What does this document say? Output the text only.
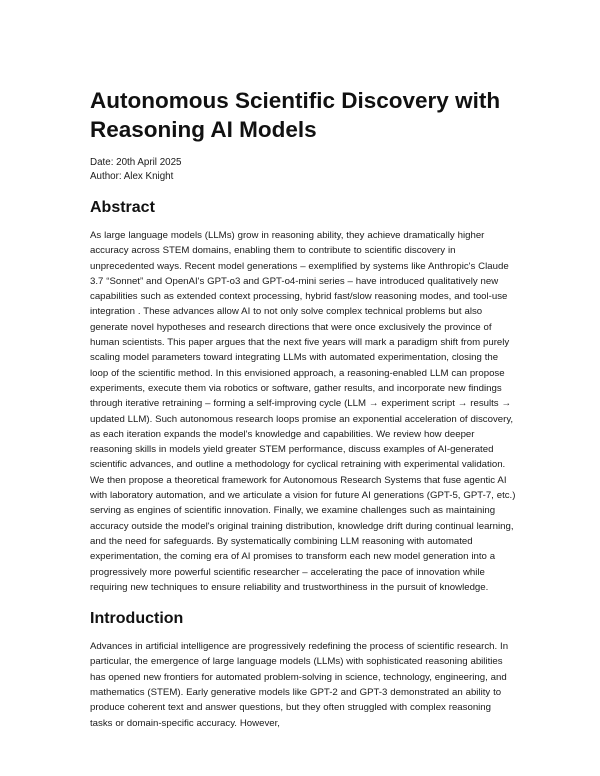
Autonomous Scientific Discovery with Reasoning AI Models

Date: 20th April 2025

Author: Alex Knight

Abstract

As large language models (LLMs) grow in reasoning ability, they achieve dramatically higher accuracy across STEM domains, enabling them to contribute to scientific discovery in unprecedented ways. Recent model generations – exemplified by systems like Anthropic's Claude 3.7 “Sonnet” and OpenAI's GPT-o3 and GPT-o4-mini series – have introduced qualitatively new capabilities such as extended context processing, hybrid fast/slow reasoning modes, and tool-use integration . These advances allow AI to not only solve complex technical problems but also generate novel hypotheses and research directions that were once exclusively the province of human scientists. This paper argues that the next five years will mark a paradigm shift from purely scaling model parameters toward integrating LLMs with automated experimentation, closing the loop of the scientific method. In this envisioned approach, a reasoning-enabled LLM can propose experiments, execute them via robotics or software, gather results, and incorporate new findings through iterative retraining – forming a self-improving cycle (LLM → experiment script → results → updated LLM). Such autonomous research loops promise an exponential acceleration of discovery, as each iteration expands the model's knowledge and capabilities. We review how deeper reasoning skills in models yield greater STEM performance, discuss examples of AI-generated scientific advances, and outline a methodology for cyclical retraining with experimental validation. We then propose a theoretical framework for Autonomous Research Systems that fuse agentic AI with laboratory automation, and we articulate a vision for future AI generations (GPT-5, GPT-7, etc.) serving as engines of scientific innovation. Finally, we examine challenges such as maintaining accuracy outside the model's original training distribution, knowledge drift during continual learning, and the need for safeguards. By systematically combining LLM reasoning with automated experimentation, the coming era of AI promises to transform each new model generation into a progressively more powerful scientific researcher – accelerating the pace of innovation while requiring new techniques to ensure reliability and trustworthiness in the pursuit of knowledge.

Introduction

Advances in artificial intelligence are progressively redefining the process of scientific research. In particular, the emergence of large language models (LLMs) with sophisticated reasoning abilities has opened new frontiers for automated problem-solving in science, technology, engineering, and mathematics (STEM). Early generative models like GPT-2 and GPT-3 demonstrated an ability to produce coherent text and answer questions, but they often struggled with complex reasoning tasks or domain-specific accuracy. However,
